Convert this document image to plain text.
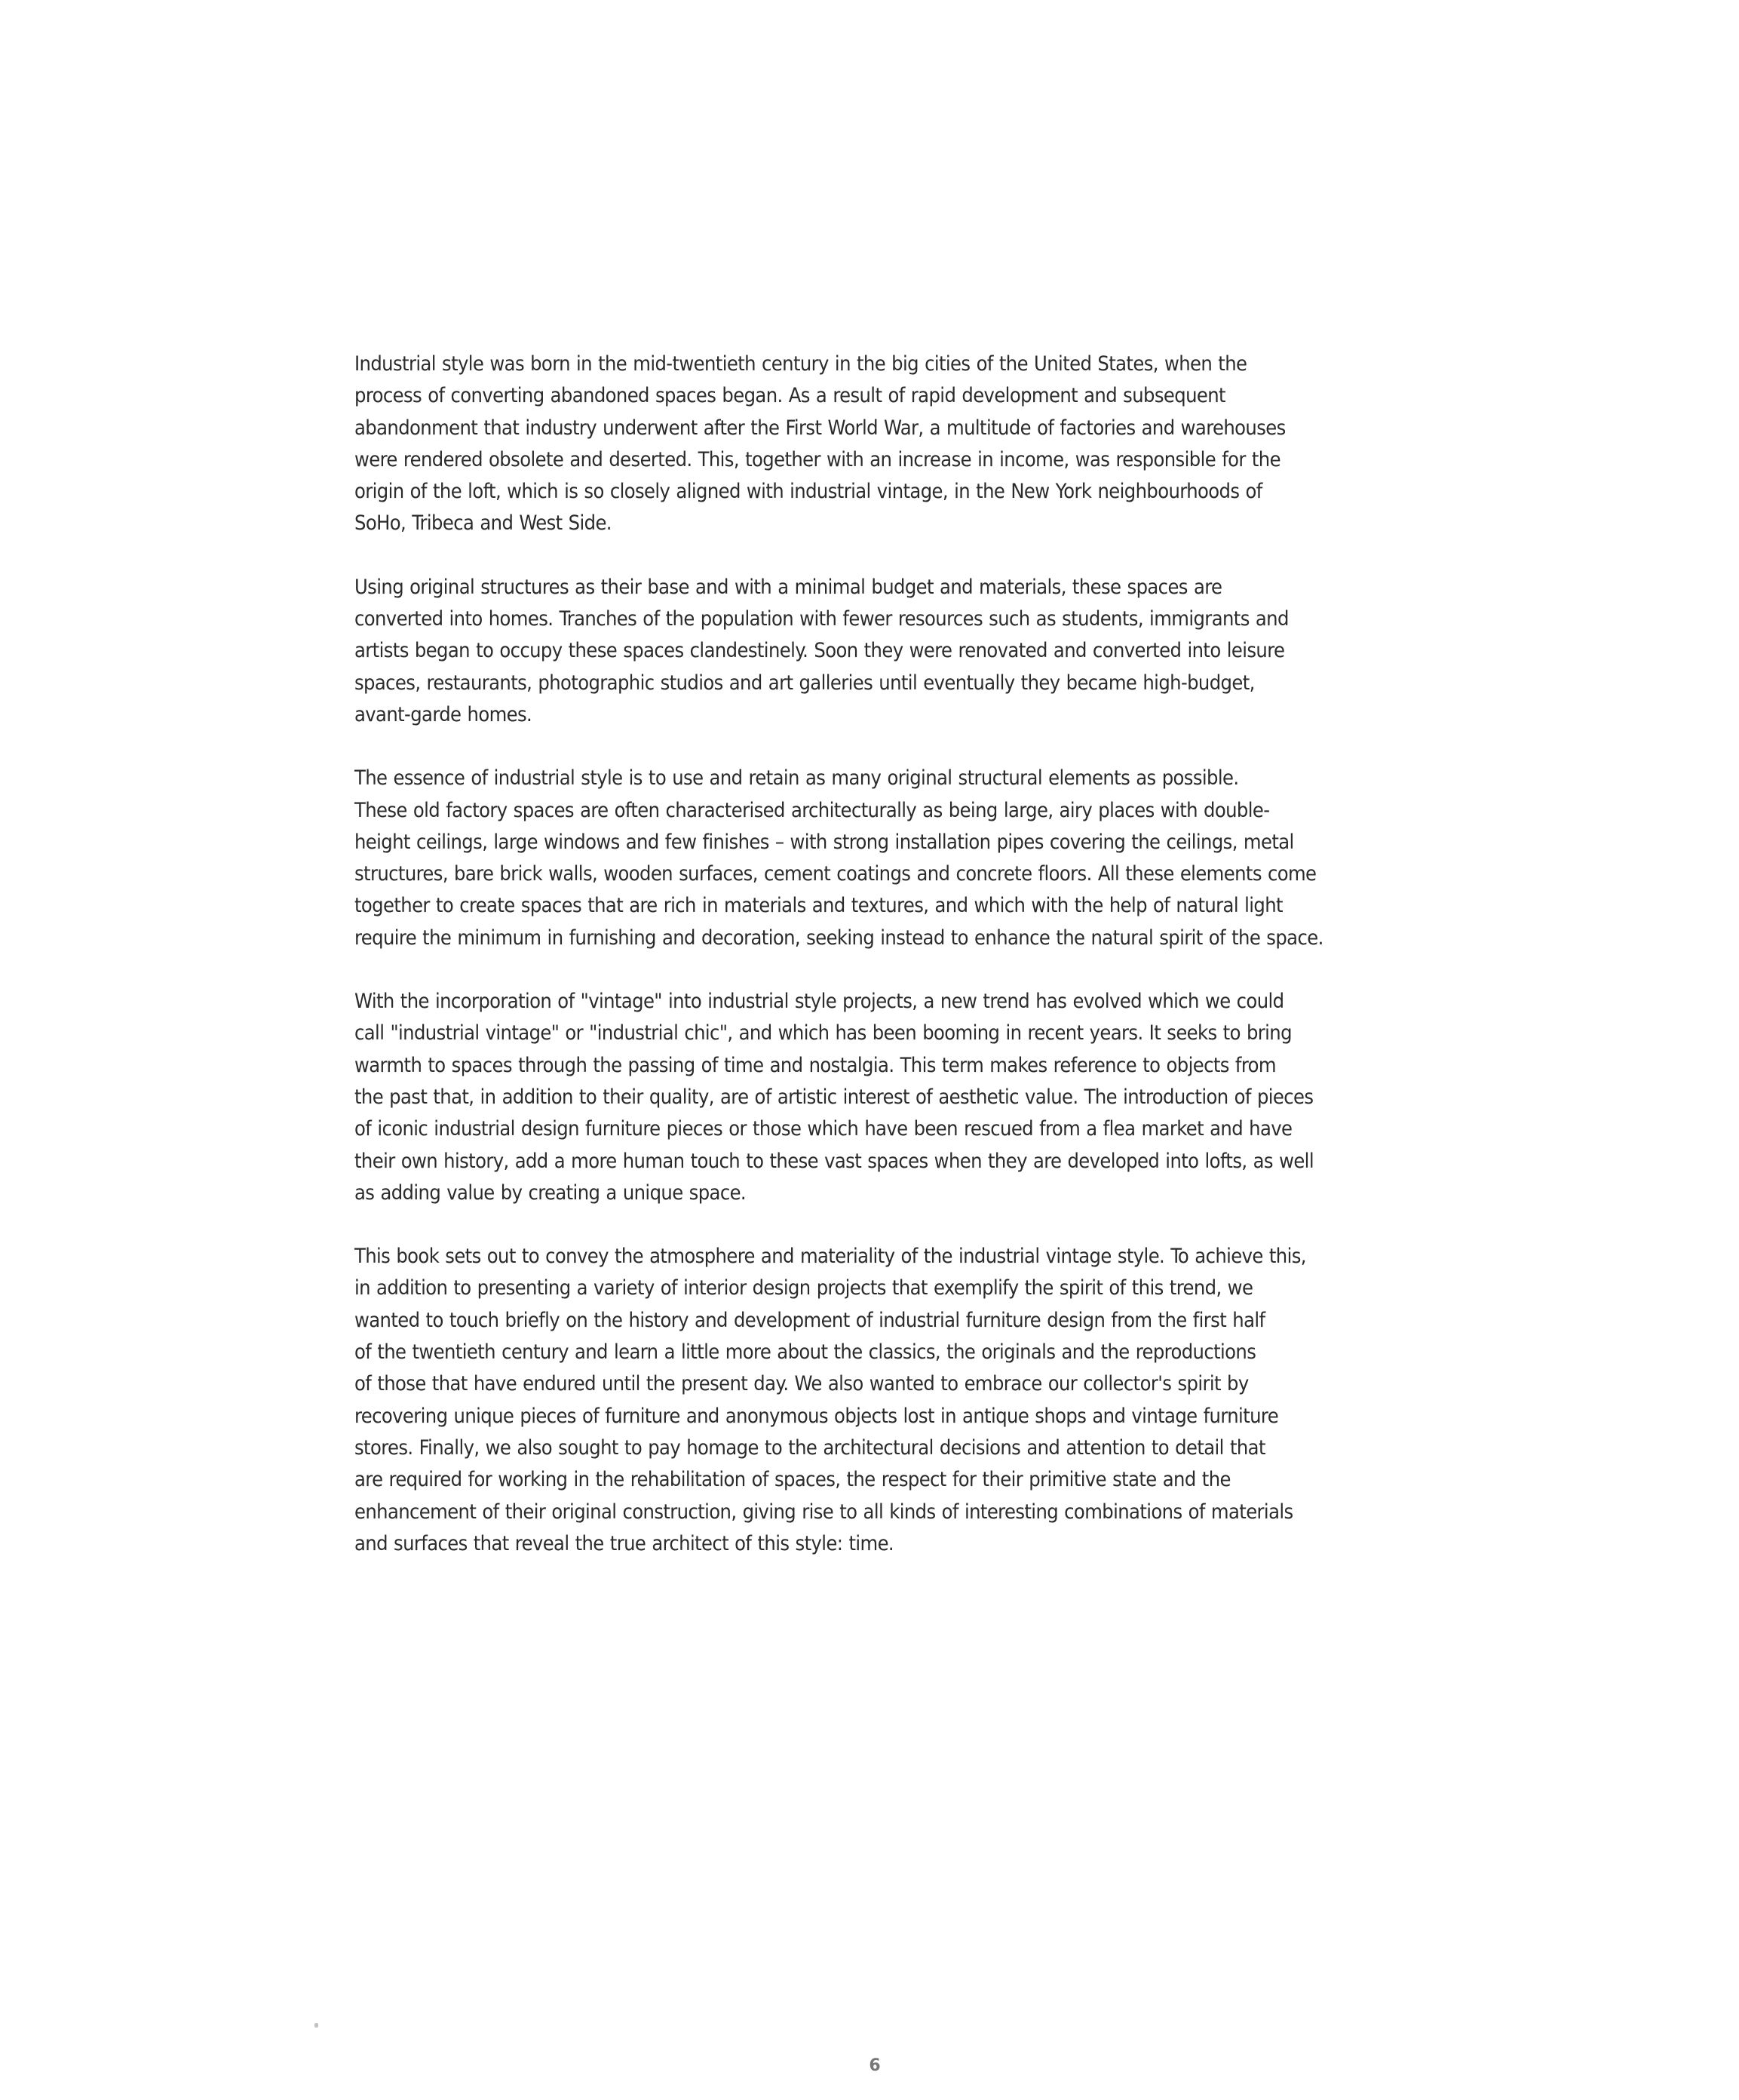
Industrial style was born in the mid-twentieth century in the big cities of the United States, when the
process of converting abandoned spaces began. As a result of rapid development and subsequent
abandonment that industry underwent after the First World War, a multitude of factories and warehouses
were rendered obsolete and deserted. This, together with an increase in income, was responsible for the
origin of the loft, which is so closely aligned with industrial vintage, in the New York neighbourhoods of
SoHo, Tribeca and West Side.

Using original structures as their base and with a minimal budget and materials, these spaces are
converted into homes. Tranches of the population with fewer resources such as students, immigrants and
artists began to occupy these spaces clandestinely. Soon they were renovated and converted into leisure
spaces, restaurants, photographic studios and art galleries until eventually they became high-budget,
avant-garde homes.

The essence of industrial style is to use and retain as many original structural elements as possible.
These old factory spaces are often characterised architecturally as being large, airy places with double-
height ceilings, large windows and few finishes – with strong installation pipes covering the ceilings, metal
structures, bare brick walls, wooden surfaces, cement coatings and concrete floors. All these elements come
together to create spaces that are rich in materials and textures, and which with the help of natural light
require the minimum in furnishing and decoration, seeking instead to enhance the natural spirit of the space.

With the incorporation of "vintage" into industrial style projects, a new trend has evolved which we could
call "industrial vintage" or "industrial chic", and which has been booming in recent years. It seeks to bring
warmth to spaces through the passing of time and nostalgia. This term makes reference to objects from
the past that, in addition to their quality, are of artistic interest of aesthetic value. The introduction of pieces
of iconic industrial design furniture pieces or those which have been rescued from a flea market and have
their own history, add a more human touch to these vast spaces when they are developed into lofts, as well
as adding value by creating a unique space.

This book sets out to convey the atmosphere and materiality of the industrial vintage style. To achieve this,
in addition to presenting a variety of interior design projects that exemplify the spirit of this trend, we
wanted to touch briefly on the history and development of industrial furniture design from the first half
of the twentieth century and learn a little more about the classics, the originals and the reproductions
of those that have endured until the present day. We also wanted to embrace our collector's spirit by
recovering unique pieces of furniture and anonymous objects lost in antique shops and vintage furniture
stores. Finally, we also sought to pay homage to the architectural decisions and attention to detail that
are required for working in the rehabilitation of spaces, the respect for their primitive state and the
enhancement of their original construction, giving rise to all kinds of interesting combinations of materials
and surfaces that reveal the true architect of this style: time.

6
